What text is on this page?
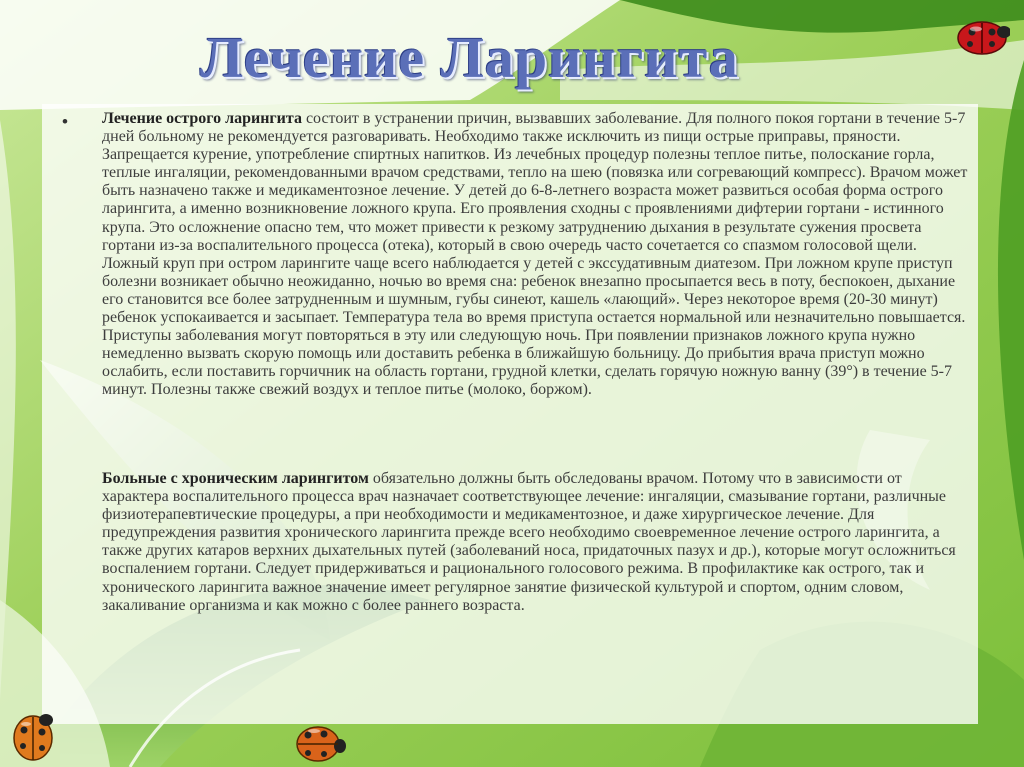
Лечение Ларингита
• Лечение острого ларингита состоит в устранении причин, вызвавших заболевание. Для полного покоя гортани в течение 5-7 дней больному не рекомендуется разговаривать. Необходимо также исключить из пищи острые приправы, пряности. Запрещается курение, употребление спиртных напитков. Из лечебных процедур полезны теплое питье, полоскание горла, теплые ингаляции, рекомендованными врачом средствами, тепло на шею (повязка или согревающий компресс). Врачом может быть назначено также и медикаментозное лечение. У детей до 6-8-летнего возраста может развиться особая форма острого ларингита, а именно возникновение ложного крупа. Его проявления сходны с проявлениями дифтерии гортани - истинного крупа. Это осложнение опасно тем, что может привести к резкому затруднению дыхания в результате сужения просвета гортани из-за воспалительного процесса (отека), который в свою очередь часто сочетается со спазмом голосовой щели. Ложный круп при остром ларингите чаще всего наблюдается у детей с экссудативным диатезом. При ложном крупе приступ болезни возникает обычно неожиданно, ночью во время сна: ребенок внезапно просыпается весь в поту, беспокоен, дыхание его становится все более затрудненным и шумным, губы синеют, кашель «лающий». Через некоторое время (20-30 минут) ребенок успокаивается и засыпает. Температура тела во время приступа остается нормальной или незначительно повышается. Приступы заболевания могут повторяться в эту или следующую ночь. При появлении признаков ложного крупа нужно немедленно вызвать скорую помощь или доставить ребенка в ближайшую больницу. До прибытия врача приступ можно ослабить, если поставить горчичник на область гортани, грудной клетки, сделать горячую ножную ванну (39°) в течение 5-7 минут. Полезны также свежий воздух и теплое питье (молоко, боржом).
Больные с хроническим ларингитом обязательно должны быть обследованы врачом. Потому что в зависимости от характера воспалительного процесса врач назначает соответствующее лечение: ингаляции, смазывание гортани, различные физиотерапевтические процедуры, а при необходимости и медикаментозное, и даже хирургическое лечение. Для предупреждения развития хронического ларингита прежде всего необходимо своевременное лечение острого ларингита, а также других катаров верхних дыхательных путей (заболеваний носа, придаточных пазух и др.), которые могут осложниться воспалением гортани. Следует придерживаться и рационального голосового режима. В профилактике как острого, так и хронического ларингита важное значение имеет регулярное занятие физической культурой и спортом, одним словом, закаливание организма и как можно с более раннего возраста.
